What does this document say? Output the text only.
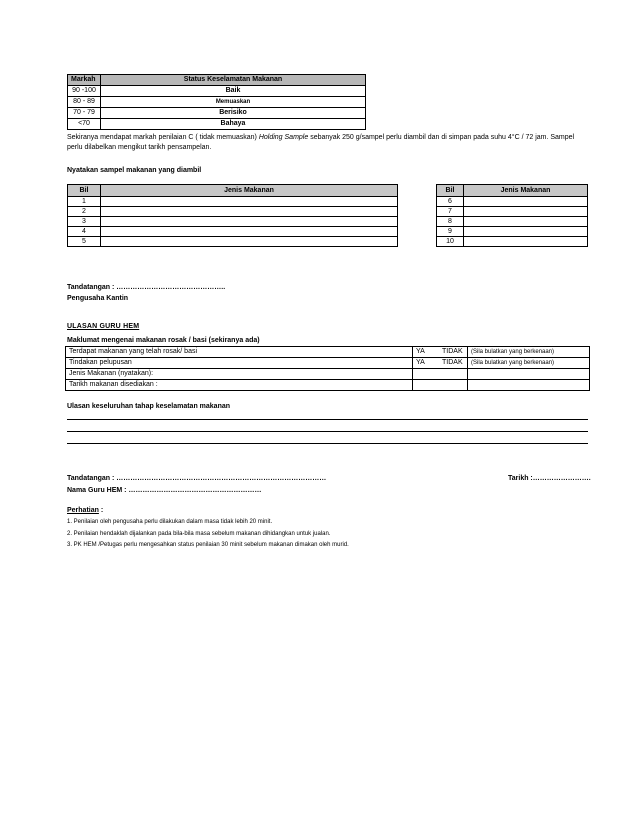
Markah	Status Keselamatan Makanan
90 -100	Baik
80 - 89	Memuaskan
70 - 79	Berisiko
<70	Bahaya
Sekiranya mendapat markah penilaian C ( tidak memuaskan) Holding Sample sebanyak 250 g/sampel perlu diambil dan di simpan pada suhu 4°C / 72 jam. Sampel
perlu dilabelkan mengikut tarikh pensampelan.
Nyatakan sampel makanan yang diambil
Bil	Jenis Makanan		Bil	Jenis Makanan
1			6	
2			7	
3			8	
4			9	
5			10	
Tandatangan : ………………………………………..
Pengusaha Kantin
ULASAN GURU HEM
Maklumat mengenai makanan rosak / basi (sekiranya ada)
Terdapat makanan yang telah rosak/ basi	YA	TIDAK	(Sila bulatkan yang berkenaan)
Tindakan pelupusan	YA	TIDAK	(Sila bulatkan yang berkenaan)
Jenis Makanan (nyatakan):			
Tarikh makanan disediakan :			
Ulasan keseluruhan tahap keselamatan makanan
Tandatangan : ………………………………………………………………………………	Tarikh :…………………….
Nama Guru HEM : …………………………………………………
Perhatian :
1. Penilaian oleh pengusaha perlu dilakukan dalam masa tidak lebih 20 minit.
2. Penilaian hendaklah dijalankan pada bila-bila masa sebelum makanan dihidangkan untuk jualan.
3. PK HEM /Petugas perlu mengesahkan status penilaian 30 minit sebelum makanan dimakan oleh murid.
